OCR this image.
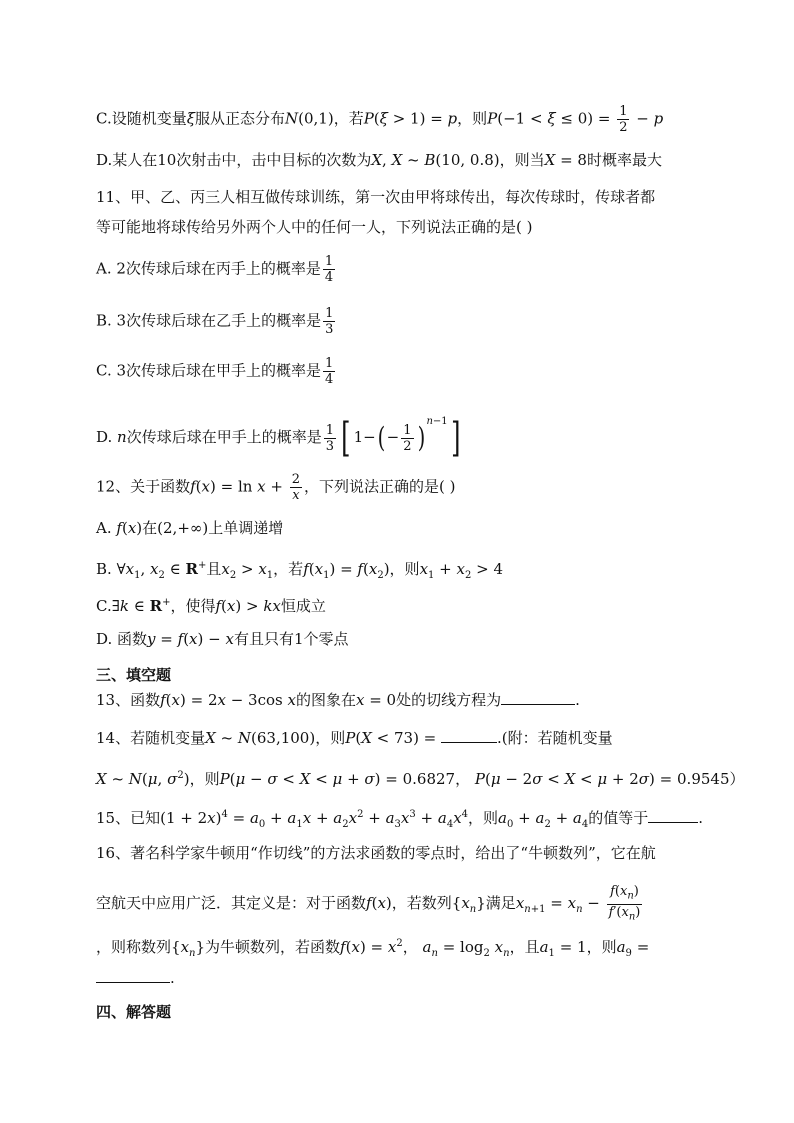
C.设随机变量ξ服从正态分布N(0,1)，若P(ξ > 1) = p，则$P(-1 < \xi \le 0) = \frac{1}{2} - p$
D.某人在10次射击中，击中目标的次数为X, X ~ B(10, 0.8)，则当X = 8时概率最大
11、甲、乙、丙三人相互做传球训练，第一次由甲将球传出，每次传球时，传球者都
等可能地将球传给另外两个人中的任何一人，下列说法正确的是( )
A. 2次传球后球在丙手上的概率是 $\frac{1}{4}$
B. 3次传球后球在乙手上的概率是 $\frac{1}{3}$
C. 3次传球后球在甲手上的概率是 $\frac{1}{4}$
D. n次传球后球在甲手上的概率是 $\frac{1}{3}$ [ $1-( - \frac{1}{2}$ ) $^{n-1}$]
12、关于函数$f(x) = \ln x + \frac{2}{x}$ ，下列说法正确的是( )
A. f(x)在(2,+∞)上单调递增
B. $\forall x_1$, $x_2$ ∈ R+且$x_2 > x_1$，若$f(x_1) = f(x_2)$，则$x_1 + x_2 > 4$
C.∃k ∈ R+，使得f(x) > kx恒成立
D. 函数y = f(x) − x有且只有1个零点
三、填空题
13、函数f(x) = 2x − 3cos x的图象在x = 0处的切线方程为	.
14、若随机变量X ~ N(63,100)，则P(X < 73) =	.(附：若随机变量
X ~ N(μ, $\sigma^2$)，则P(μ − σ < X < μ + σ) = 0.6827， P(μ − 2σ < X < μ + 2σ) = 0.9545）
15、已知$(1 + 2x)^4 = a_0 + a_1x + a_2x^2 + a_3x^3 + a_4x^4$，则$a_0 + a_2 + a_4$的值等于	.
16、著名科学家牛顿用“作切线”的方法求函数的零点时，给出了“牛顿数列”，它在航
空航天中应用广泛．其定义是：对于函数f(x)，若数列$\{x_n\}$满足$x_{n+1} = x_n - \frac{f(x_n)}{f'(x_n)}$
，则称数列$\{x_n\}$为牛顿数列，若函数$f(x) = x^2$， $a_n = \log_2 x_n$，且$a_1 = 1$，则$a_9$ =
.
四、解答题
